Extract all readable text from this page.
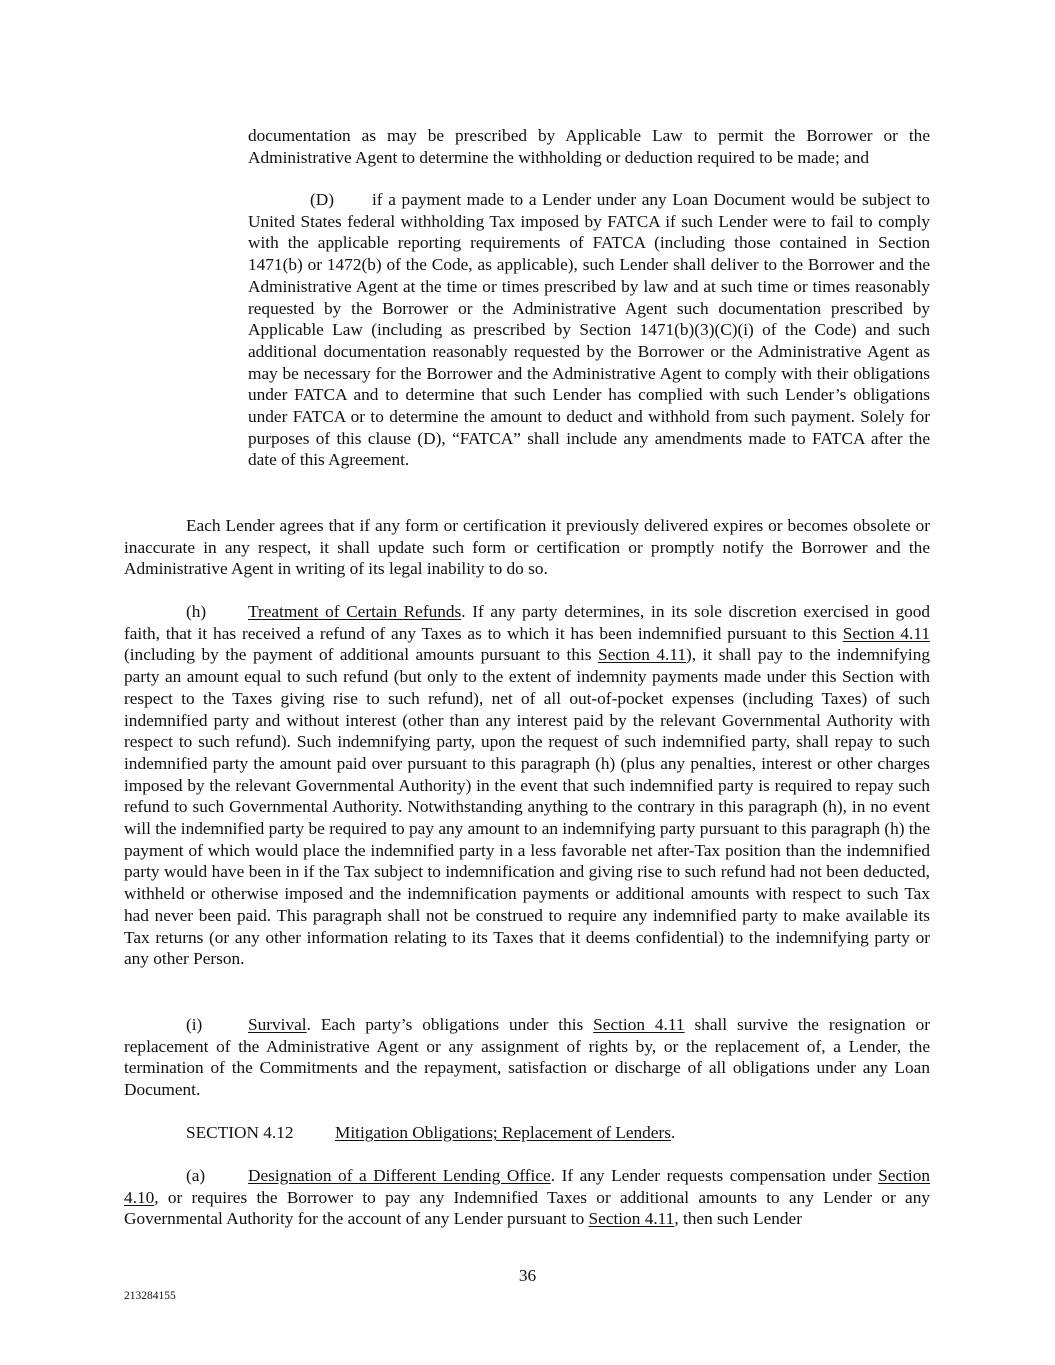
documentation as may be prescribed by Applicable Law to permit the Borrower or the Administrative Agent to determine the withholding or deduction required to be made; and

(D) if a payment made to a Lender under any Loan Document would be subject to United States federal withholding Tax imposed by FATCA if such Lender were to fail to comply with the applicable reporting requirements of FATCA (including those contained in Section 1471(b) or 1472(b) of the Code, as applicable), such Lender shall deliver to the Borrower and the Administrative Agent at the time or times prescribed by law and at such time or times reasonably requested by the Borrower or the Administrative Agent such documentation prescribed by Applicable Law (including as prescribed by Section 1471(b)(3)(C)(i) of the Code) and such additional documentation reasonably requested by the Borrower or the Administrative Agent as may be necessary for the Borrower and the Administrative Agent to comply with their obligations under FATCA and to determine that such Lender has complied with such Lender’s obligations under FATCA or to determine the amount to deduct and withhold from such payment. Solely for purposes of this clause (D), “FATCA” shall include any amendments made to FATCA after the date of this Agreement.

Each Lender agrees that if any form or certification it previously delivered expires or becomes obsolete or inaccurate in any respect, it shall update such form or certification or promptly notify the Borrower and the Administrative Agent in writing of its legal inability to do so.

(h) Treatment of Certain Refunds. If any party determines, in its sole discretion exercised in good faith, that it has received a refund of any Taxes as to which it has been indemnified pursuant to this Section 4.11 (including by the payment of additional amounts pursuant to this Section 4.11), it shall pay to the indemnifying party an amount equal to such refund (but only to the extent of indemnity payments made under this Section with respect to the Taxes giving rise to such refund), net of all out-of-pocket expenses (including Taxes) of such indemnified party and without interest (other than any interest paid by the relevant Governmental Authority with respect to such refund). Such indemnifying party, upon the request of such indemnified party, shall repay to such indemnified party the amount paid over pursuant to this paragraph (h) (plus any penalties, interest or other charges imposed by the relevant Governmental Authority) in the event that such indemnified party is required to repay such refund to such Governmental Authority. Notwithstanding anything to the contrary in this paragraph (h), in no event will the indemnified party be required to pay any amount to an indemnifying party pursuant to this paragraph (h) the payment of which would place the indemnified party in a less favorable net after-Tax position than the indemnified party would have been in if the Tax subject to indemnification and giving rise to such refund had not been deducted, withheld or otherwise imposed and the indemnification payments or additional amounts with respect to such Tax had never been paid. This paragraph shall not be construed to require any indemnified party to make available its Tax returns (or any other information relating to its Taxes that it deems confidential) to the indemnifying party or any other Person.

(i)	Survival. Each party’s obligations under this Section 4.11 shall survive the resignation or replacement of the Administrative Agent or any assignment of rights by, or the replacement of, a Lender, the termination of the Commitments and the repayment, satisfaction or discharge of all obligations under any Loan Document.

SECTION 4.12 Mitigation Obligations; Replacement of Lenders.

(a) Designation of a Different Lending Office. If any Lender requests compensation under Section 4.10, or requires the Borrower to pay any Indemnified Taxes or additional amounts to any Lender or any Governmental Authority for the account of any Lender pursuant to Section 4.11, then such Lender

36
213284155
